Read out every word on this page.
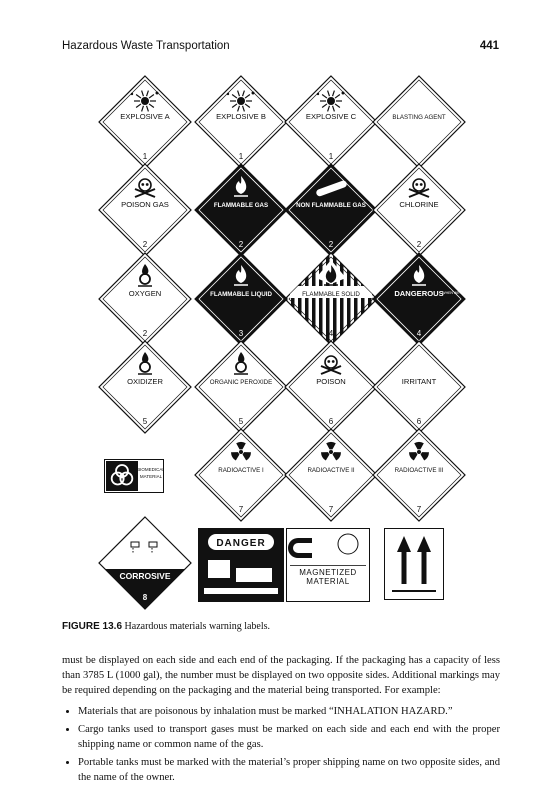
Hazardous Waste Transportation	441
EXPLOSIVE A
1
EXPLOSIVE B
1
EXPLOSIVE C
1
BLASTING AGENT
POISON GAS
2
FLAMMABLE GAS
2
NON FLAMMABLE GAS
2
CHLORINE
2
OXYGEN
2
FLAMMABLE LIQUID
3
FLAMMABLE SOLID
4
DANGEROUS
WHEN WET
4
OXIDIZER
5
ORGANIC PEROXIDE
5
POISON
6
IRRITANT
6
BIOMEDICAL
MATERIAL
RADIOACTIVE I
7
RADIOACTIVE II
7
RADIOACTIVE III
7
CORROSIVE
8
DANGER
MAGNETIZED
MATERIAL
FIGURE 13.6 Hazardous materials warning labels.

must be displayed on each side and each end of the packaging. If the packaging has a capacity of less than 3785 L (1000 gal), the number must be displayed on two opposite sides. Additional markings may be required depending on the packaging and the material being transported. For example:

• Materials that are poisonous by inhalation must be marked “INHALATION HAZARD.”
• Cargo tanks used to transport gases must be marked on each side and each end with the proper shipping name or common name of the gas.
• Portable tanks must be marked with the material’s proper shipping name on two opposite sides, and the name of the owner.
